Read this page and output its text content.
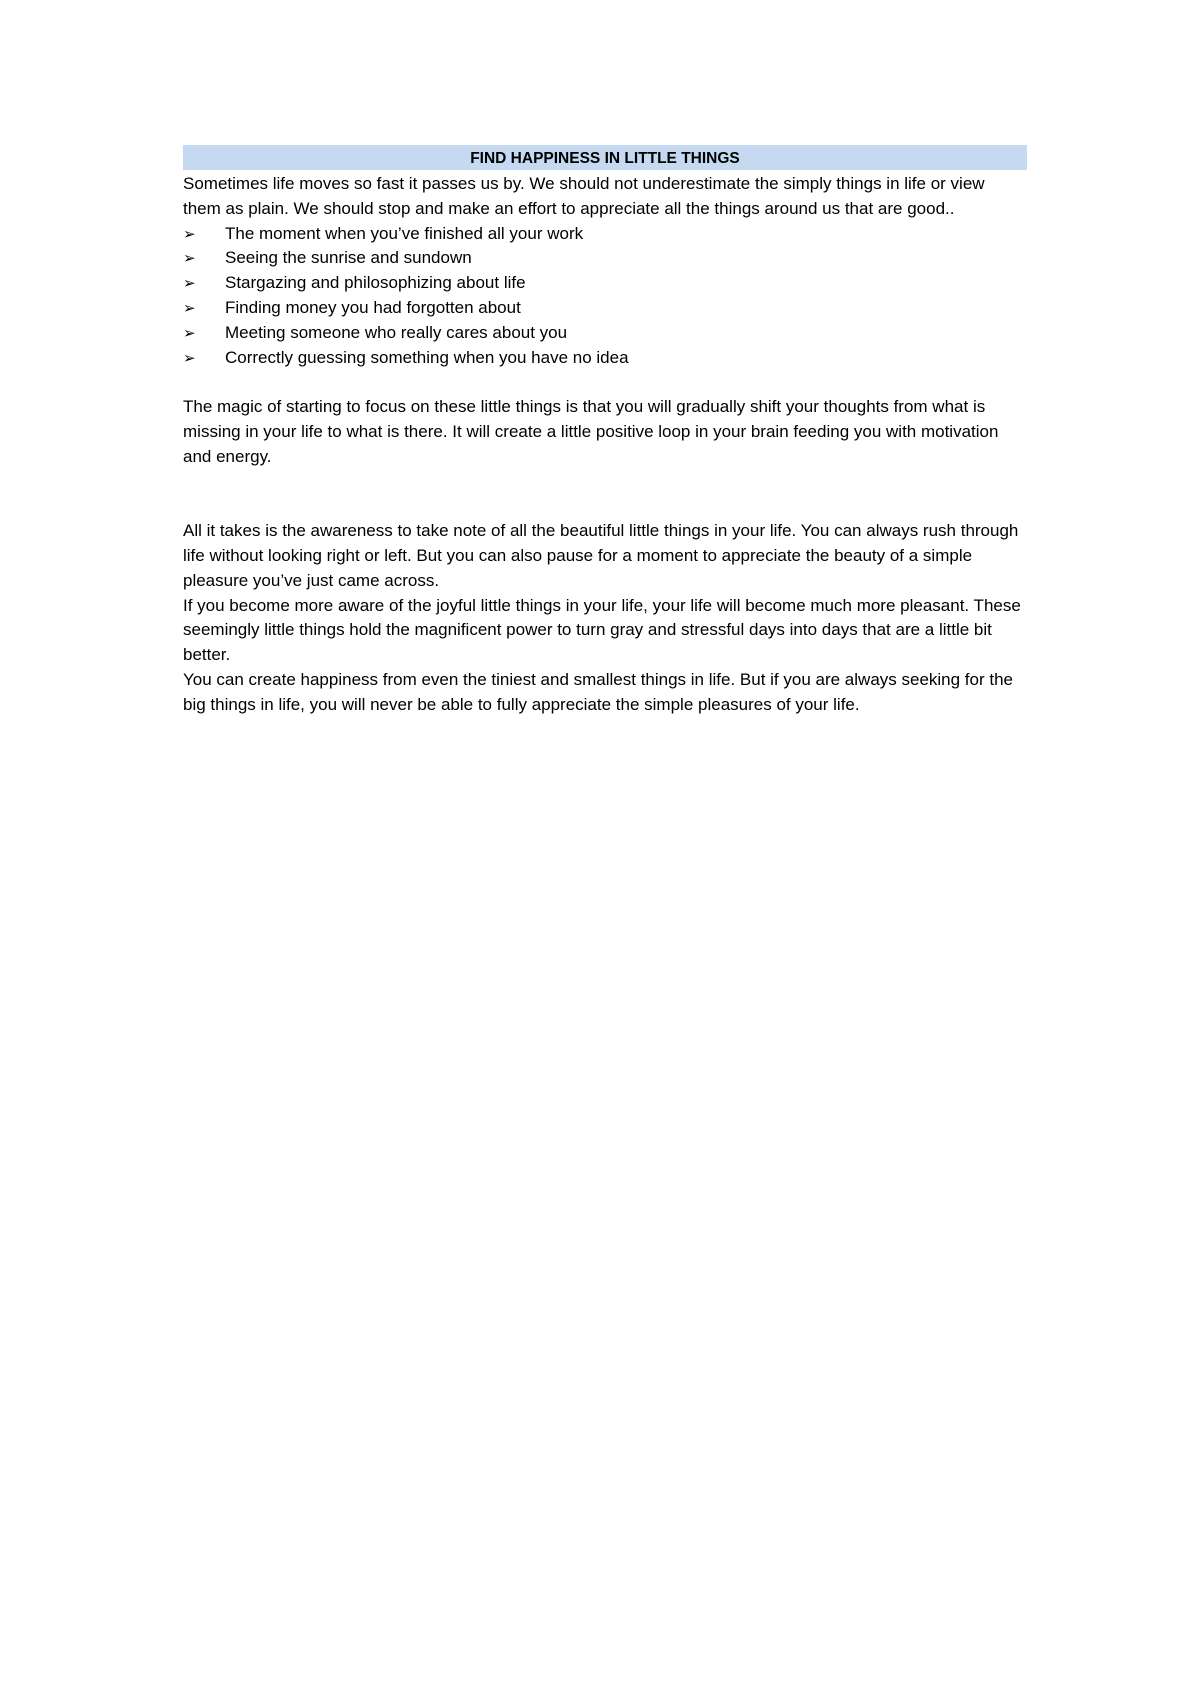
FIND HAPPINESS IN LITTLE THINGS

Sometimes life moves so fast it passes us by. We should not underestimate the simply things in life or view them as plain. We should stop and make an effort to appreciate all the things around us that are good..

➢ The moment when you’ve finished all your work
➢ Seeing the sunrise and sundown
➢ Stargazing and philosophizing about life
➢ Finding money you had forgotten about
➢ Meeting someone who really cares about you
➢ Correctly guessing something when you have no idea

The magic of starting to focus on these little things is that you will gradually shift your thoughts from what is missing in your life to what is there. It will create a little positive loop in your brain feeding you with motivation and energy.

All it takes is the awareness to take note of all the beautiful little things in your life. You can always rush through life without looking right or left. But you can also pause for a moment to appreciate the beauty of a simple pleasure you’ve just came across.

If you become more aware of the joyful little things in your life, your life will become much more pleasant. These seemingly little things hold the magnificent power to turn gray and stressful days into days that are a little bit better.

You can create happiness from even the tiniest and smallest things in life. But if you are always seeking for the big things in life, you will never be able to fully appreciate the simple pleasures of your life.
